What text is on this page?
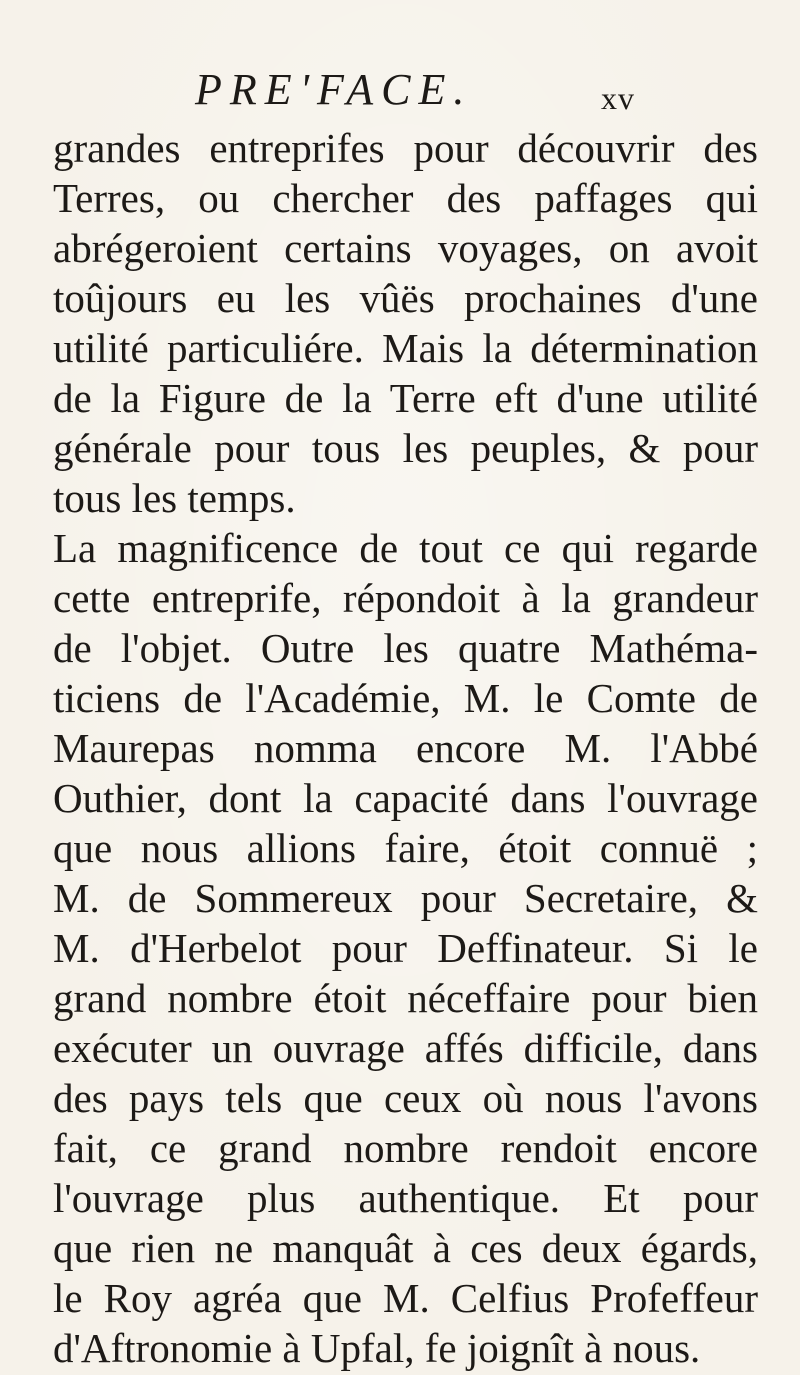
PRE'FACE.	xv
grandes entreprifes pour découvrir des
Terres, ou chercher des paffages qui
abrégeroient certains voyages, on avoit
toûjours eu les vûës prochaines d'une
utilité particuliére. Mais la détermination
de la Figure de la Terre eft d'une utilité
générale pour tous les peuples, & pour
tous les temps.
La magnificence de tout ce qui regarde
cette entreprife, répondoit à la grandeur
de l'objet. Outre les quatre Mathéma-
ticiens de l'Académie, M. le Comte de
Maurepas nomma encore M. l'Abbé
Outhier, dont la capacité dans l'ouvrage
que nous allions faire, étoit connuë ;
M. de Sommereux pour Secretaire, &
M. d'Herbelot pour Deffinateur. Si le
grand nombre étoit néceffaire pour bien
exécuter un ouvrage affés difficile, dans
des pays tels que ceux où nous l'avons
fait, ce grand nombre rendoit encore
l'ouvrage plus authentique. Et pour
que rien ne manquât à ces deux égards,
le Roy agréa que M. Celfius Profeffeur
d'Aftronomie à Upfal, fe joignît à nous.
